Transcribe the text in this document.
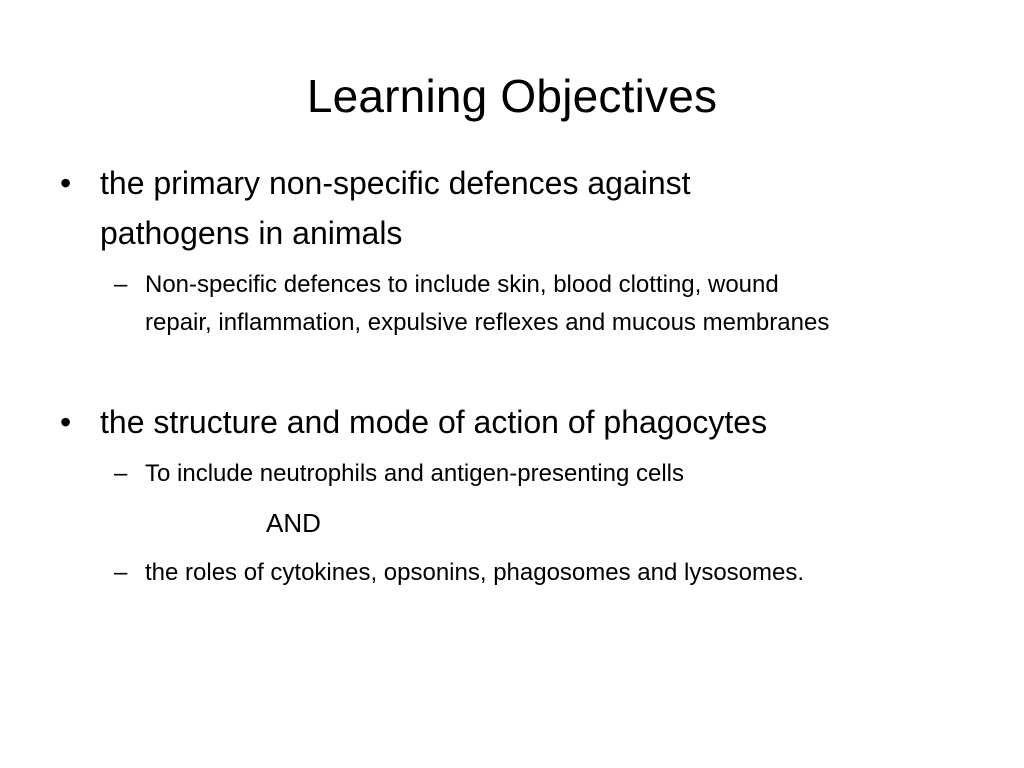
Learning Objectives
• the primary non-specific defences against
pathogens in animals
– Non-specific defences to include skin, blood clotting, wound
repair, inflammation, expulsive reflexes and mucous membranes
• the structure and mode of action of phagocytes
– To include neutrophils and antigen-presenting cells
AND
– the roles of cytokines, opsonins, phagosomes and lysosomes.
